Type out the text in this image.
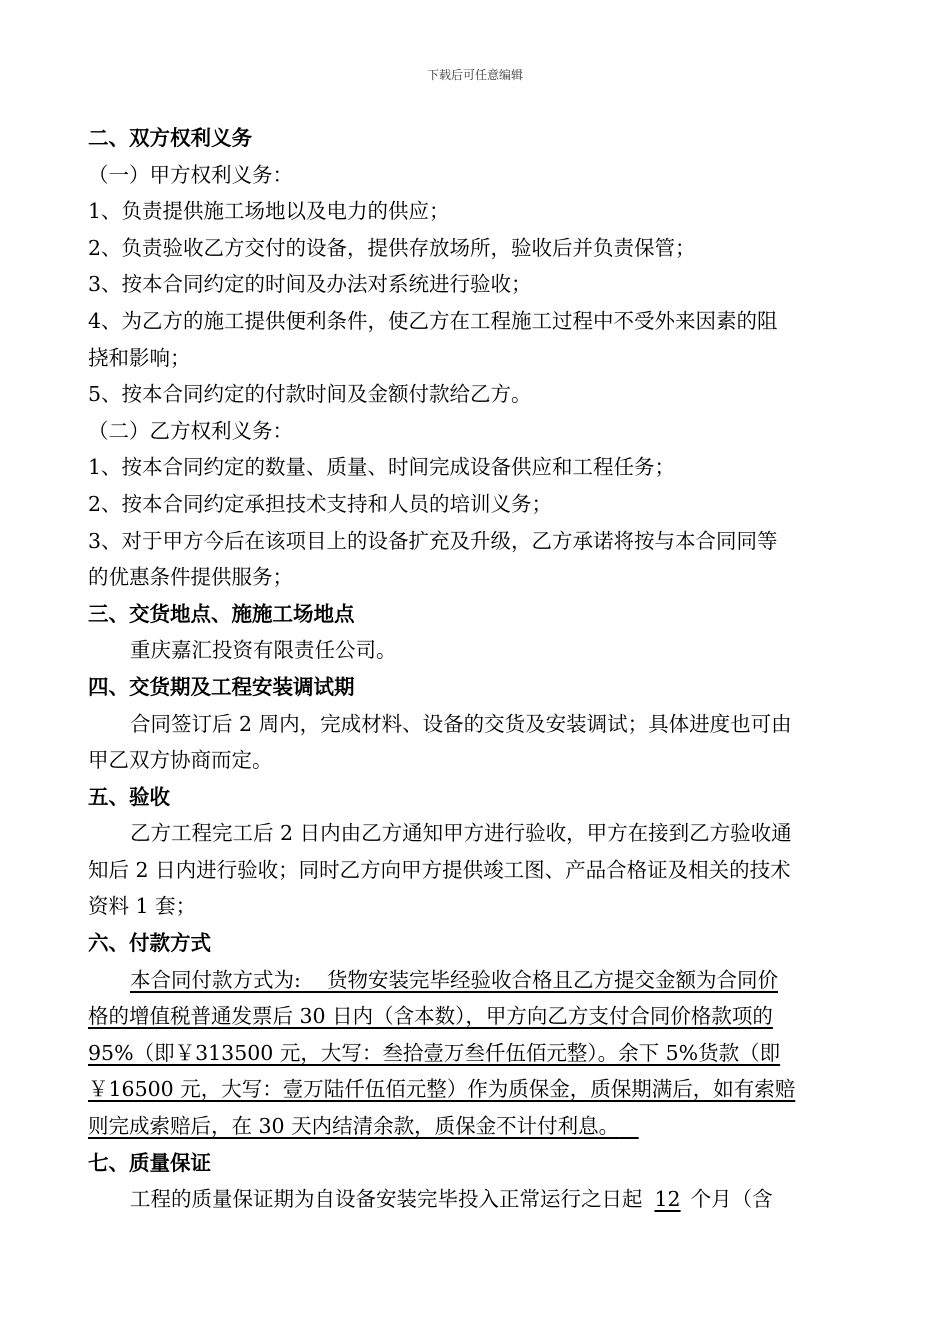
下载后可任意编辑
二、双方权利义务
（一）甲方权利义务：
1、负责提供施工场地以及电力的供应；
2、负责验收乙方交付的设备，提供存放场所，验收后并负责保管；
3、按本合同约定的时间及办法对系统进行验收；
4、为乙方的施工提供便利条件，使乙方在工程施工过程中不受外来因素的阻
挠和影响；
5、按本合同约定的付款时间及金额付款给乙方。
（二）乙方权利义务：
1、按本合同约定的数量、质量、时间完成设备供应和工程任务；
2、按本合同约定承担技术支持和人员的培训义务；
3、对于甲方今后在该项目上的设备扩充及升级，乙方承诺将按与本合同同等
的优惠条件提供服务；
三、交货地点、施施工场地点
重庆嘉汇投资有限责任公司。
四、交货期及工程安装调试期
合同签订后 2 周内，完成材料、设备的交货及安装调试；具体进度也可由
甲乙双方协商而定。
五、验收
乙方工程完工后 2 日内由乙方通知甲方进行验收，甲方在接到乙方验收通
知后 2 日内进行验收；同时乙方向甲方提供竣工图、产品合格证及相关的技术
资料 1 套；
六、付款方式
本合同付款方式为:    货物安装完毕经验收合格且乙方提交金额为合同价
格的增值税普通发票后 30 日内（含本数），甲方向乙方支付合同价格款项的
95%（即￥313500 元，大写：叁拾壹万叁仟伍佰元整）。余下 5%货款（即
￥16500 元，大写：壹万陆仟伍佰元整）作为质保金，质保期满后，如有索赔
则完成索赔后，在 30 天内结清余款，质保金不计付利息。
七、质量保证
工程的质量保证期为自设备安装完毕投入正常运行之日起 12 个月（含
